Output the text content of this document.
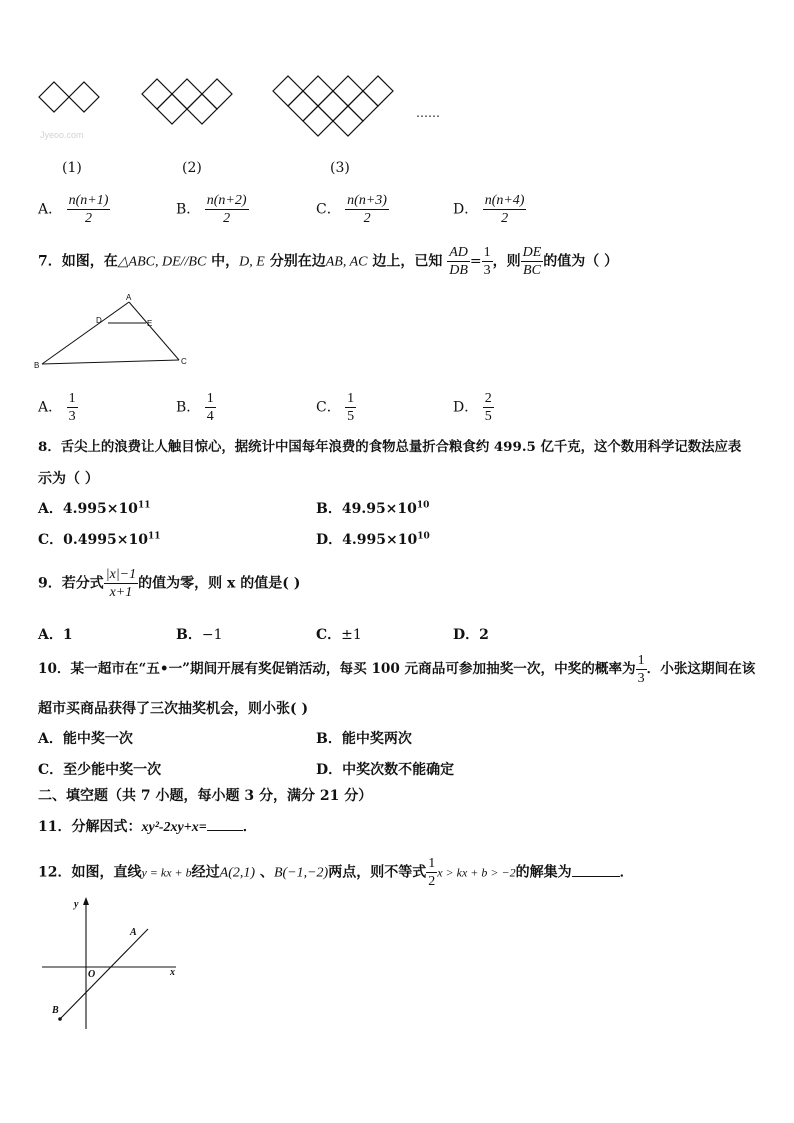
Jyeoo.com
……
(1)	(2)	(3)
A． $\frac{n(n+1)}{2}$	B． $\frac{n(n+2)}{2}$	C． $\frac{n(n+3)}{2}$	D． $\frac{n(n+4)}{2}$
7．如图，在△ABC, DE//BC 中，D, E 分别在边AB, AC 边上，已知 $\frac{AD}{DB} = \frac{1}{3}$ ，则 $\frac{DE}{BC}$ 的值为（ ）
A
B	C
D	E
A． $\frac{1}{3}$	B． $\frac{1}{4}$	C． $\frac{1}{5}$	D． $\frac{2}{5}$
8．舌尖上的浪费让人触目惊心，据统计中国每年浪费的食物总量折合粮食约 499.5 亿千克，这个数用科学记数法应表
示为（ ）
A．$4.995\times 10^{11}$	B．$49.95\times 10^{10}$
C．$0.4995\times 10^{11}$	D．$4.995\times 10^{10}$
9．若分式 $\frac{|x|-1}{x+1}$ 的值为零，则 x 的值是( )
A．1	B．−1	C．±1	D．2
10．某一超市在“五•一”期间开展有奖促销活动，每买 100 元商品可参加抽奖一次，中奖的概率为 $\frac{1}{3}$ ．小张这期间在该
超市买商品获得了三次抽奖机会，则小张( )
A．能中奖一次	B．能中奖两次
C．至少能中奖一次	D．中奖次数不能确定
二、填空题（共 7 小题，每小题 3 分，满分 21 分）
11．分解因式：xy²-2xy+x=	．
12．如图，直线y = kx + b经过A(2,1) 、B(−1,−2)两点，则不等式 $\frac{1}{2}$ x > kx + b > −2的解集为	．
y
x
O
A
B
